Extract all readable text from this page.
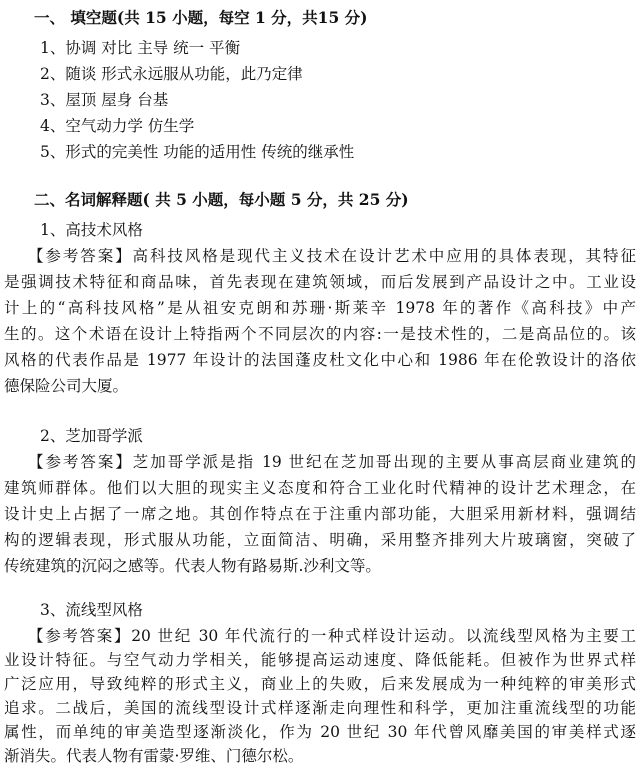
一、 填空题(共 15 小题，每空 1 分，共15 分)
1、协调 对比 主导 统一 平衡
2、随谈 形式永远服从功能，此乃定律
3、屋顶 屋身 台基
4、空气动力学 仿生学
5、形式的完美性 功能的适用性 传统的继承性
二、名词解释题( 共 5 小题，每小题 5 分，共 25 分)
1、高技术风格
【参考答案】高科技风格是现代主义技术在设计艺术中应用的具体表现，其特征
是强调技术特征和商品味，首先表现在建筑领域，而后发展到产品设计之中。工业设
计上的“高科技风格”是从祖安克朗和苏珊·斯莱辛 1978 年的著作《高科技》中产
生的。这个术语在设计上特指两个不同层次的内容:一是技术性的，二是高品位的。该
风格的代表作品是 1977 年设计的法国蓬皮杜文化中心和 1986 年在伦敦设计的洛依
德保险公司大厦。
2、芝加哥学派
【参考答案】芝加哥学派是指 19 世纪在芝加哥出现的主要从事高层商业建筑的
建筑师群体。他们以大胆的现实主义态度和符合工业化时代精神的设计艺术理念，在
设计史上占据了一席之地。其创作特点在于注重内部功能，大胆采用新材料，强调结
构的逻辑表现，形式服从功能，立面简洁、明确，采用整齐排列大片玻璃窗，突破了
传统建筑的沉闷之感等。代表人物有路易斯.沙利文等。
3、流线型风格
【参考答案】20 世纪 30 年代流行的一种式样设计运动。以流线型风格为主要工
业设计特征。与空气动力学相关，能够提高运动速度、降低能耗。但被作为世界式样
广泛应用，导致纯粹的形式主义，商业上的失败，后来发展成为一种纯粹的审美形式
追求。二战后，美国的流线型设计式样逐渐走向理性和科学，更加注重流线型的功能
属性，而单纯的审美造型逐渐淡化，作为 20 世纪 30 年代曾风靡美国的审美样式逐
渐消失。代表人物有雷蒙·罗维、门德尔松。
